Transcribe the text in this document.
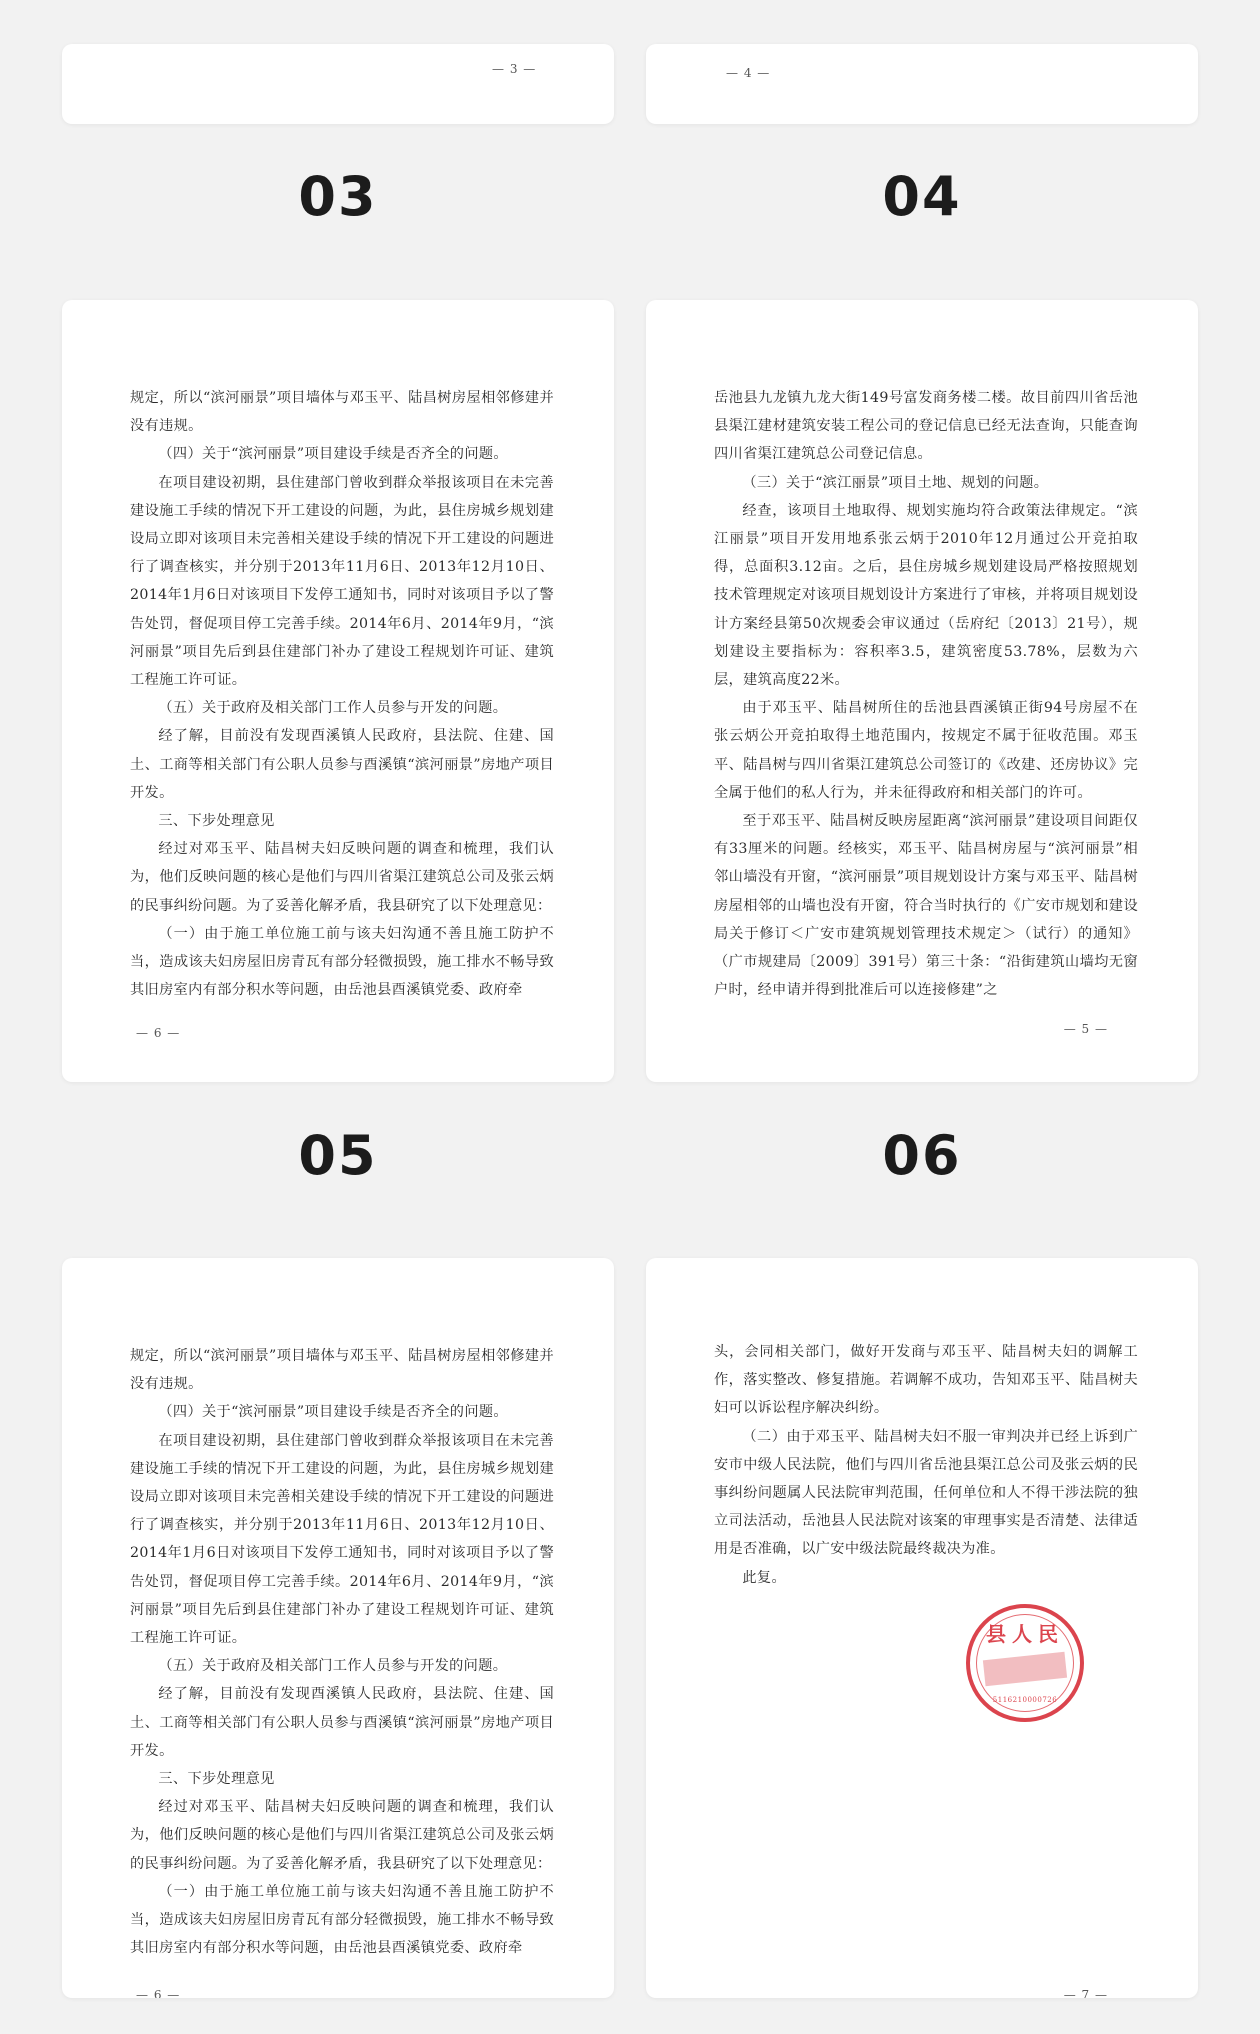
— 3 —	— 4 —
03	04
05	06

规定，所以“滨河丽景”项目墙体与邓玉平、陆昌树房屋相邻修建并没有违规。

（四）关于“滨河丽景”项目建设手续是否齐全的问题。

在项目建设初期，县住建部门曾收到群众举报该项目在未完善建设施工手续的情况下开工建设的问题，为此，县住房城乡规划建设局立即对该项目未完善相关建设手续的情况下开工建设的问题进行了调查核实，并分别于2013年11月6日、2013年12月10日、2014年1月6日对该项目下发停工通知书，同时对该项目予以了警告处罚，督促项目停工完善手续。2014年6月、2014年9月，“滨河丽景”项目先后到县住建部门补办了建设工程规划许可证、建筑工程施工许可证。

（五）关于政府及相关部门工作人员参与开发的问题。

经了解，目前没有发现酉溪镇人民政府，县法院、住建、国土、工商等相关部门有公职人员参与酉溪镇“滨河丽景”房地产项目开发。

三、下步处理意见

经过对邓玉平、陆昌树夫妇反映问题的调查和梳理，我们认为，他们反映问题的核心是他们与四川省渠江建筑总公司及张云炳的民事纠纷问题。为了妥善化解矛盾，我县研究了以下处理意见：

（一）由于施工单位施工前与该夫妇沟通不善且施工防护不当，造成该夫妇房屋旧房青瓦有部分轻微损毁，施工排水不畅导致其旧房室内有部分积水等问题，由岳池县酉溪镇党委、政府牵

— 6 —

岳池县九龙镇九龙大街149号富发商务楼二楼。故目前四川省岳池县渠江建材建筑安装工程公司的登记信息已经无法查询，只能查询四川省渠江建筑总公司登记信息。

（三）关于“滨江丽景”项目土地、规划的问题。

经查，该项目土地取得、规划实施均符合政策法律规定。“滨江丽景”项目开发用地系张云炳于2010年12月通过公开竞拍取得，总面积3.12亩。之后，县住房城乡规划建设局严格按照规划技术管理规定对该项目规划设计方案进行了审核，并将项目规划设计方案经县第50次规委会审议通过（岳府纪〔2013〕21号），规划建设主要指标为：容积率3.5，建筑密度53.78%，层数为六层，建筑高度22米。

由于邓玉平、陆昌树所住的岳池县酉溪镇正街94号房屋不在张云炳公开竞拍取得土地范围内，按规定不属于征收范围。邓玉平、陆昌树与四川省渠江建筑总公司签订的《改建、还房协议》完全属于他们的私人行为，并未征得政府和相关部门的许可。

至于邓玉平、陆昌树反映房屋距离“滨河丽景”建设项目间距仅有33厘米的问题。经核实，邓玉平、陆昌树房屋与“滨河丽景”相邻山墙没有开窗，“滨河丽景”项目规划设计方案与邓玉平、陆昌树房屋相邻的山墙也没有开窗，符合当时执行的《广安市规划和建设局关于修订＜广安市建筑规划管理技术规定＞（试行）的通知》（广市规建局〔2009〕391号）第三十条：“沿街建筑山墙均无窗户时，经申请并得到批准后可以连接修建”之

— 5 —

规定，所以“滨河丽景”项目墙体与邓玉平、陆昌树房屋相邻修建并没有违规。

（四）关于“滨河丽景”项目建设手续是否齐全的问题。

在项目建设初期，县住建部门曾收到群众举报该项目在未完善建设施工手续的情况下开工建设的问题，为此，县住房城乡规划建设局立即对该项目未完善相关建设手续的情况下开工建设的问题进行了调查核实，并分别于2013年11月6日、2013年12月10日、2014年1月6日对该项目下发停工通知书，同时对该项目予以了警告处罚，督促项目停工完善手续。2014年6月、2014年9月，“滨河丽景”项目先后到县住建部门补办了建设工程规划许可证、建筑工程施工许可证。

（五）关于政府及相关部门工作人员参与开发的问题。

经了解，目前没有发现酉溪镇人民政府，县法院、住建、国土、工商等相关部门有公职人员参与酉溪镇“滨河丽景”房地产项目开发。

三、下步处理意见

经过对邓玉平、陆昌树夫妇反映问题的调查和梳理，我们认为，他们反映问题的核心是他们与四川省渠江建筑总公司及张云炳的民事纠纷问题。为了妥善化解矛盾，我县研究了以下处理意见：

（一）由于施工单位施工前与该夫妇沟通不善且施工防护不当，造成该夫妇房屋旧房青瓦有部分轻微损毁，施工排水不畅导致其旧房室内有部分积水等问题，由岳池县酉溪镇党委、政府牵

— 6 —

头，会同相关部门，做好开发商与邓玉平、陆昌树夫妇的调解工作，落实整改、修复措施。若调解不成功，告知邓玉平、陆昌树夫妇可以诉讼程序解决纠纷。

（二）由于邓玉平、陆昌树夫妇不服一审判决并已经上诉到广安市中级人民法院，他们与四川省岳池县渠江总公司及张云炳的民事纠纷问题属人民法院审判范围，任何单位和人不得干涉法院的独立司法活动，岳池县人民法院对该案的审理事实是否清楚、法律适用是否准确，以广安中级法院最终裁决为准。

此复。

县人民
5116210000726
— 7 —
